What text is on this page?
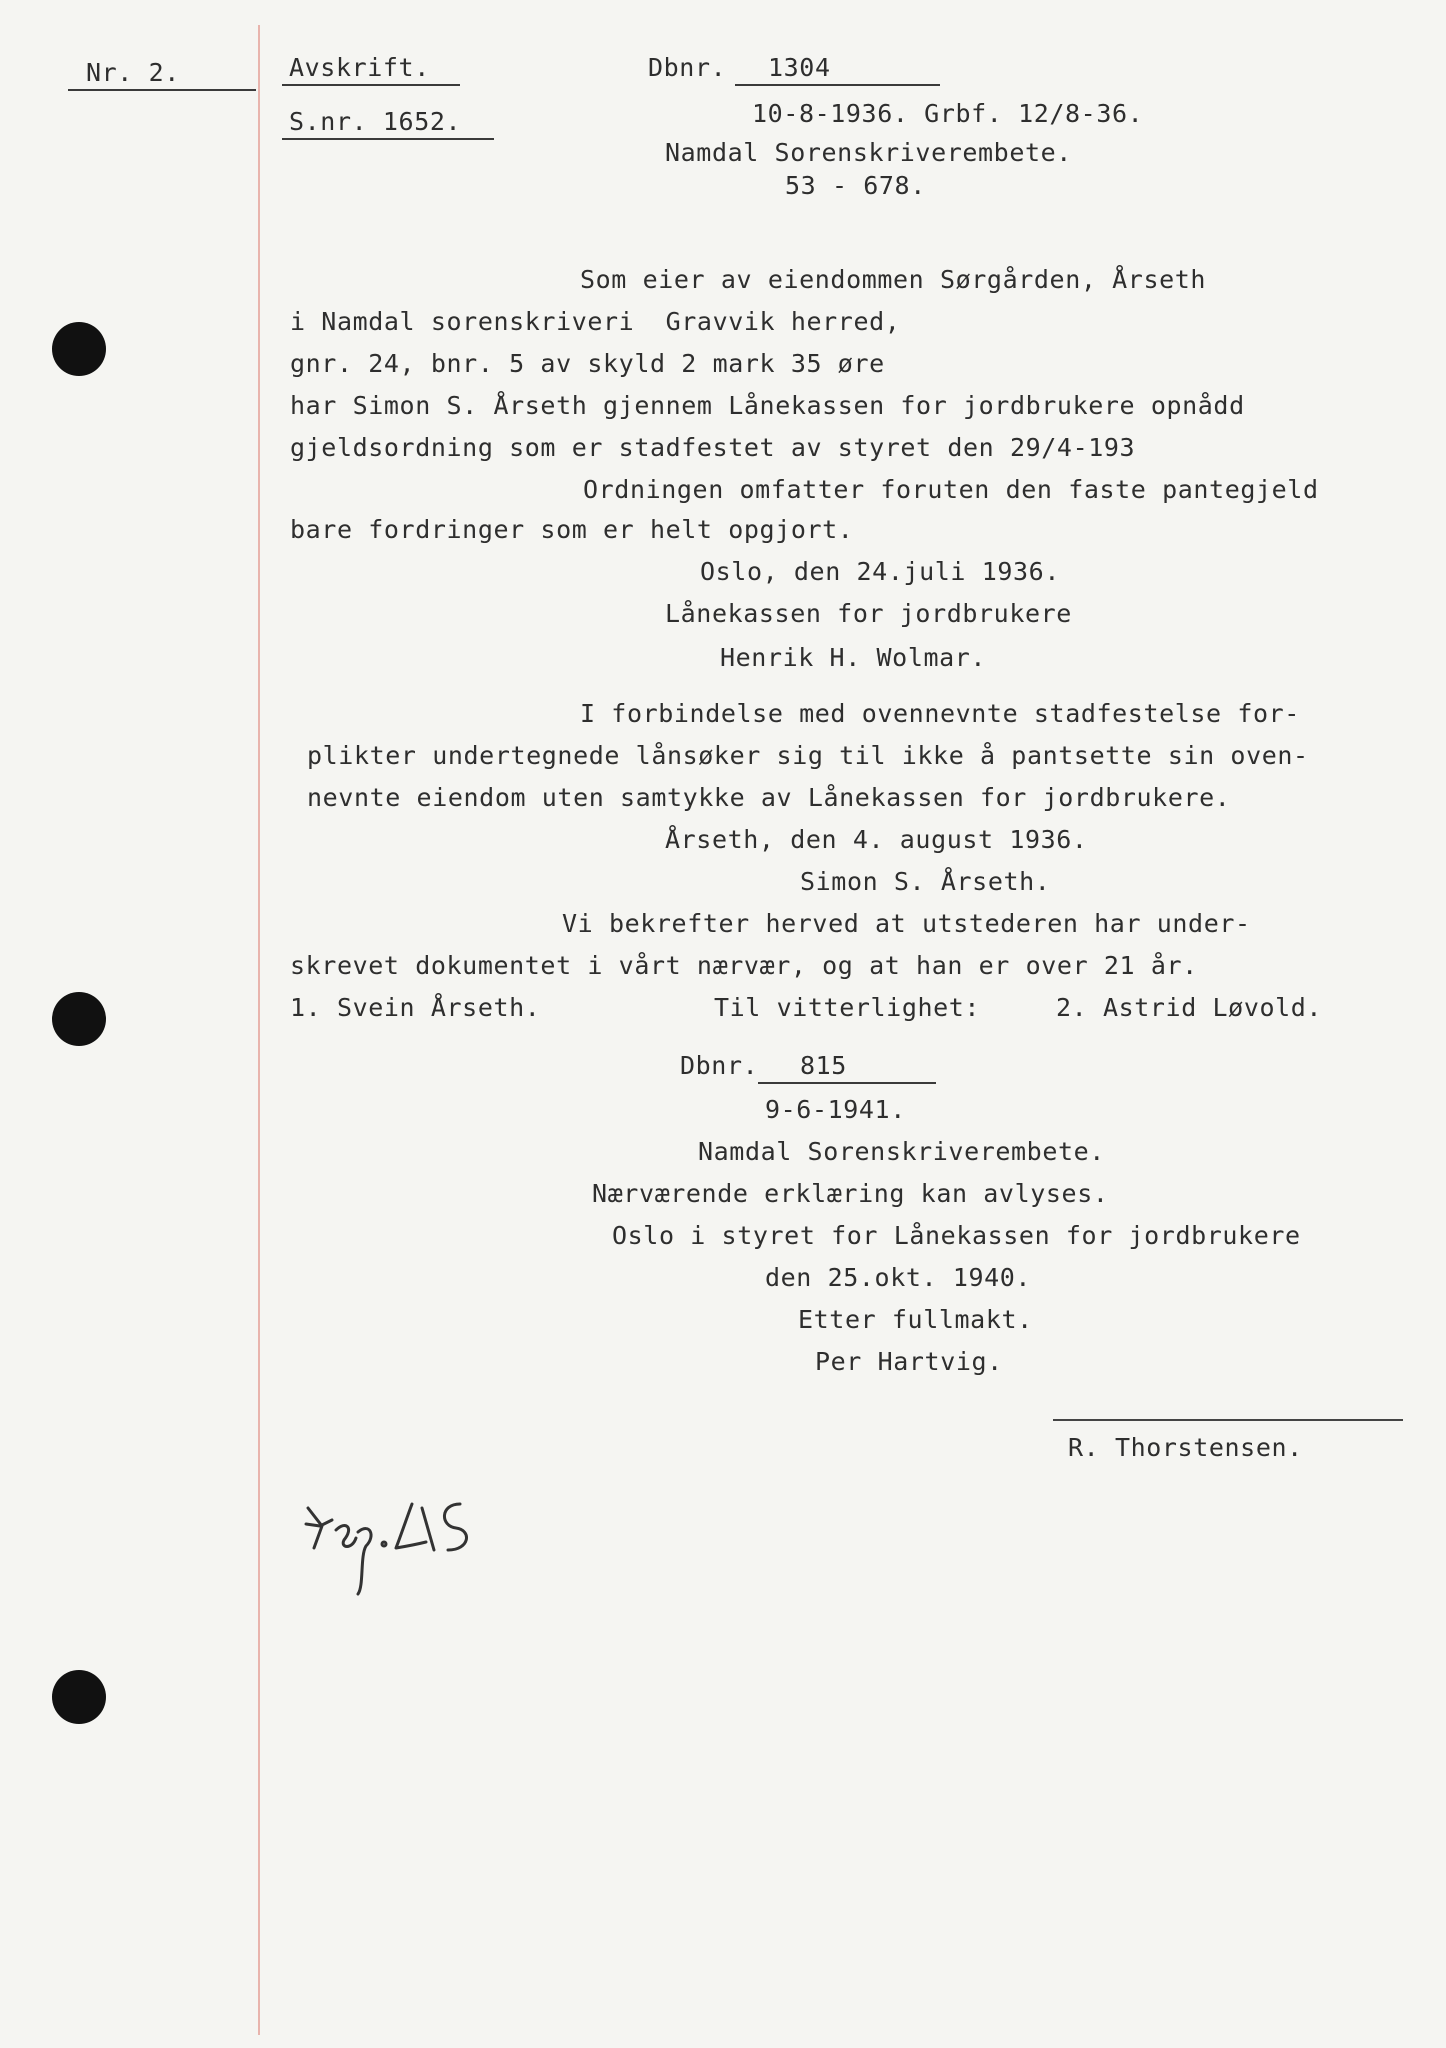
Nr. 2.	Avskrift.
S.nr. 1652.
Dbnr. 1304
10-8-1936. Grbf. 12/8-36.
Namdal Sorenskriverembete.
53 - 678.
Som eier av eiendommen Sørgården, Årseth
i Namdal sorenskriveri  Gravvik herred,
gnr. 24, bnr. 5 av skyld 2 mark 35 øre
har Simon S. Årseth gjennem Lånekassen for jordbrukere opnådd
gjeldsordning som er stadfestet av styret den 29/4-193
Ordningen omfatter foruten den faste pantegjeld
bare fordringer som er helt opgjort.
Oslo, den 24.juli 1936.
Lånekassen for jordbrukere
Henrik H. Wolmar.
I forbindelse med ovennevnte stadfestelse for-
plikter undertegnede lånsøker sig til ikke å pantsette sin oven-
nevnte eiendom uten samtykke av Lånekassen for jordbrukere.
Årseth, den 4. august 1936.
Simon S. Årseth.
Vi bekrefter herved at utstederen har under-
skrevet dokumentet i vårt nærvær, og at han er over 21 år.
1. Svein Årseth.	Til vitterlighet:	2. Astrid Løvold.
Dbnr. 815
9-6-1941.
Namdal Sorenskriverembete.
Nærværende erklæring kan avlyses.
Oslo i styret for Lånekassen for jordbrukere
den 25.okt. 1940.
Etter fullmakt.
Per Hartvig.
R. Thorstensen.
